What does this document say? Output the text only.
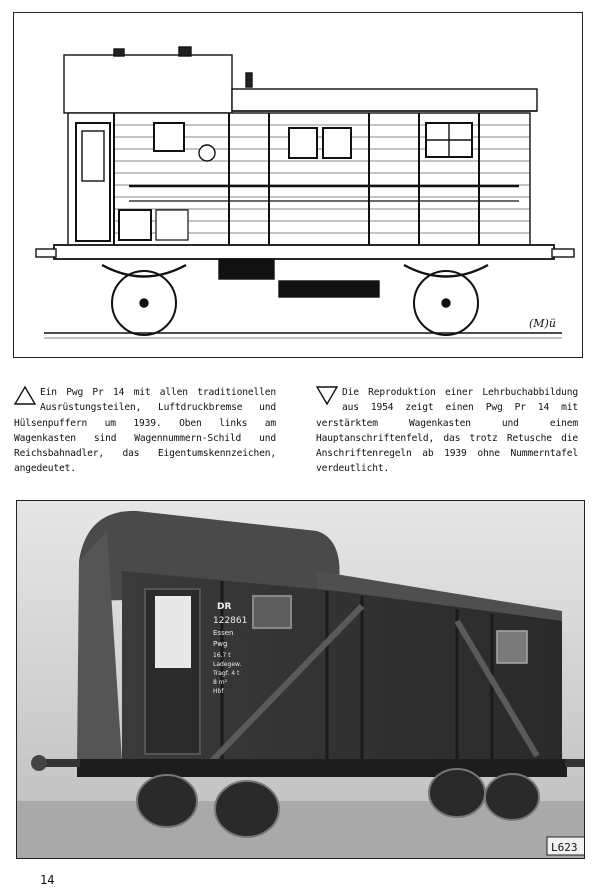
(M)ü
Ein Pwg Pr 14 mit allen traditionellen Ausrüstungsteilen, Luftdruckbremse und Hülsenpuffern um 1939. Oben links am Wagenkasten sind Wagennummern-Schild und Reichsbahnadler, das Eigentumskennzeichen, angedeutet.
Die Reproduktion einer Lehrbuchabbildung aus 1954 zeigt einen Pwg Pr 14 mit verstärktem Wagenkasten und einem Hauptanschriftenfeld, das trotz Retusche die Anschriftenregeln ab 1939 ohne Nummerntafel verdeutlicht.
DR
122861
Essen
Pwg
16,7 t
Ladegew.
Tragf. 4 t
8 m²
Hbf
L623
14
